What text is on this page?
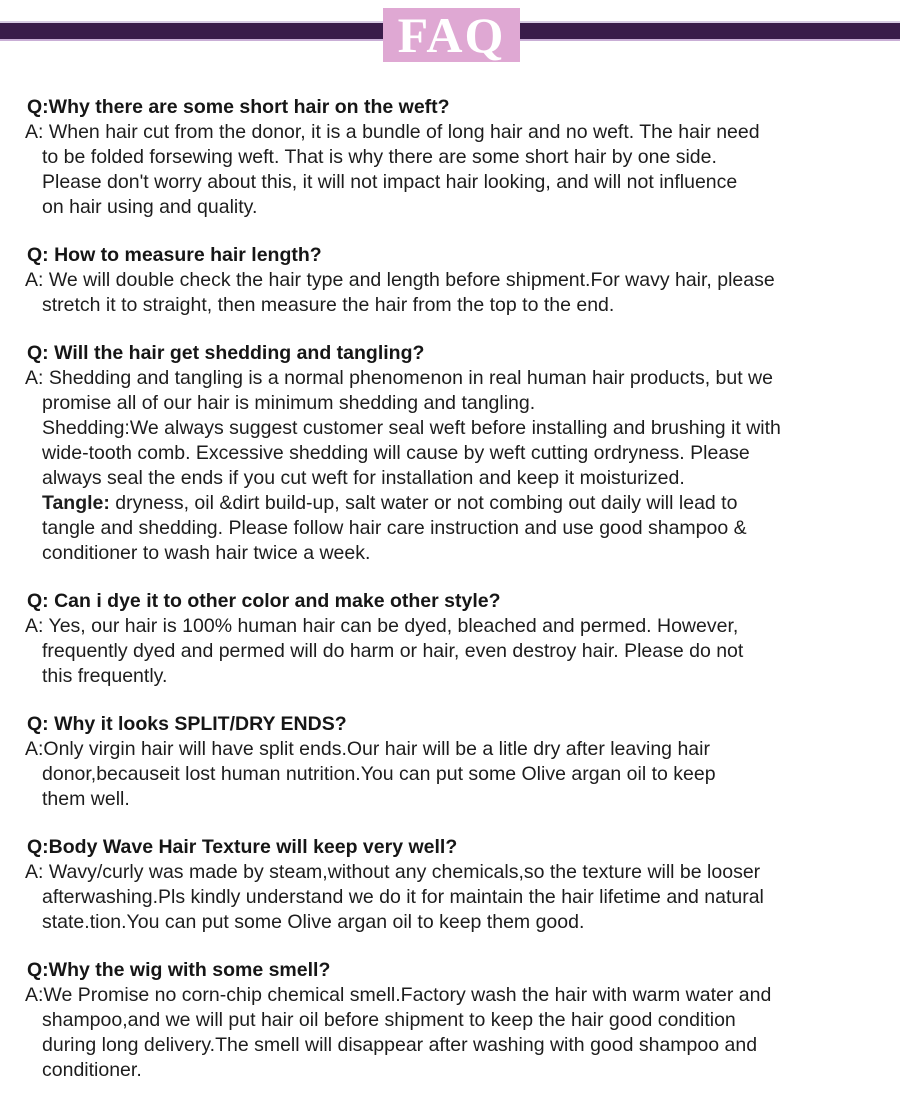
FAQ
Q:Why there are some short hair on the weft?

A: When hair cut from the donor, it is a bundle of long hair and no weft. The hair need
to be folded forsewing weft. That is why there are some short hair by one side.
Please don't worry about this, it will not impact hair looking, and will not influence
on hair using and quality.

Q: How to measure hair length?

A: We will double check the hair type and length before shipment.For wavy hair, please
stretch it to straight, then measure the hair from the top to the end.

Q: Will the hair get shedding and tangling?

A: Shedding and tangling is a normal phenomenon in real human hair products, but we
promise all of our hair is minimum shedding and tangling.
Shedding:We always suggest customer seal weft before installing and brushing it with
wide-tooth comb. Excessive shedding will cause by weft cutting ordryness. Please
always seal the ends if you cut weft for installation and keep it moisturized.
Tangle: dryness, oil &dirt build-up, salt water or not combing out daily will lead to
tangle and shedding. Please follow hair care instruction and use good shampoo &
conditioner to wash hair twice a week.

Q: Can i dye it to other color and make other style?

A: Yes, our hair is 100% human hair can be dyed, bleached and permed. However,
frequently dyed and permed will do harm or hair, even destroy hair. Please do not
this frequently.

Q: Why it looks SPLIT/DRY ENDS?

A:Only virgin hair will have split ends.Our hair will be a litle dry after leaving hair
donor,becauseit lost human nutrition.You can put some Olive argan oil to keep
them well.

Q:Body Wave Hair Texture will keep very well?

A: Wavy/curly was made by steam,without any chemicals,so the texture will be looser
afterwashing.Pls kindly understand we do it for maintain the hair lifetime and natural
state.tion.You can put some Olive argan oil to keep them good.

Q:Why the wig with some smell?

A:We Promise no corn-chip chemical smell.Factory wash the hair with warm water and
shampoo,and we will put hair oil before shipment to keep the hair good condition
during long delivery.The smell will disappear after washing with good shampoo and
conditioner.
